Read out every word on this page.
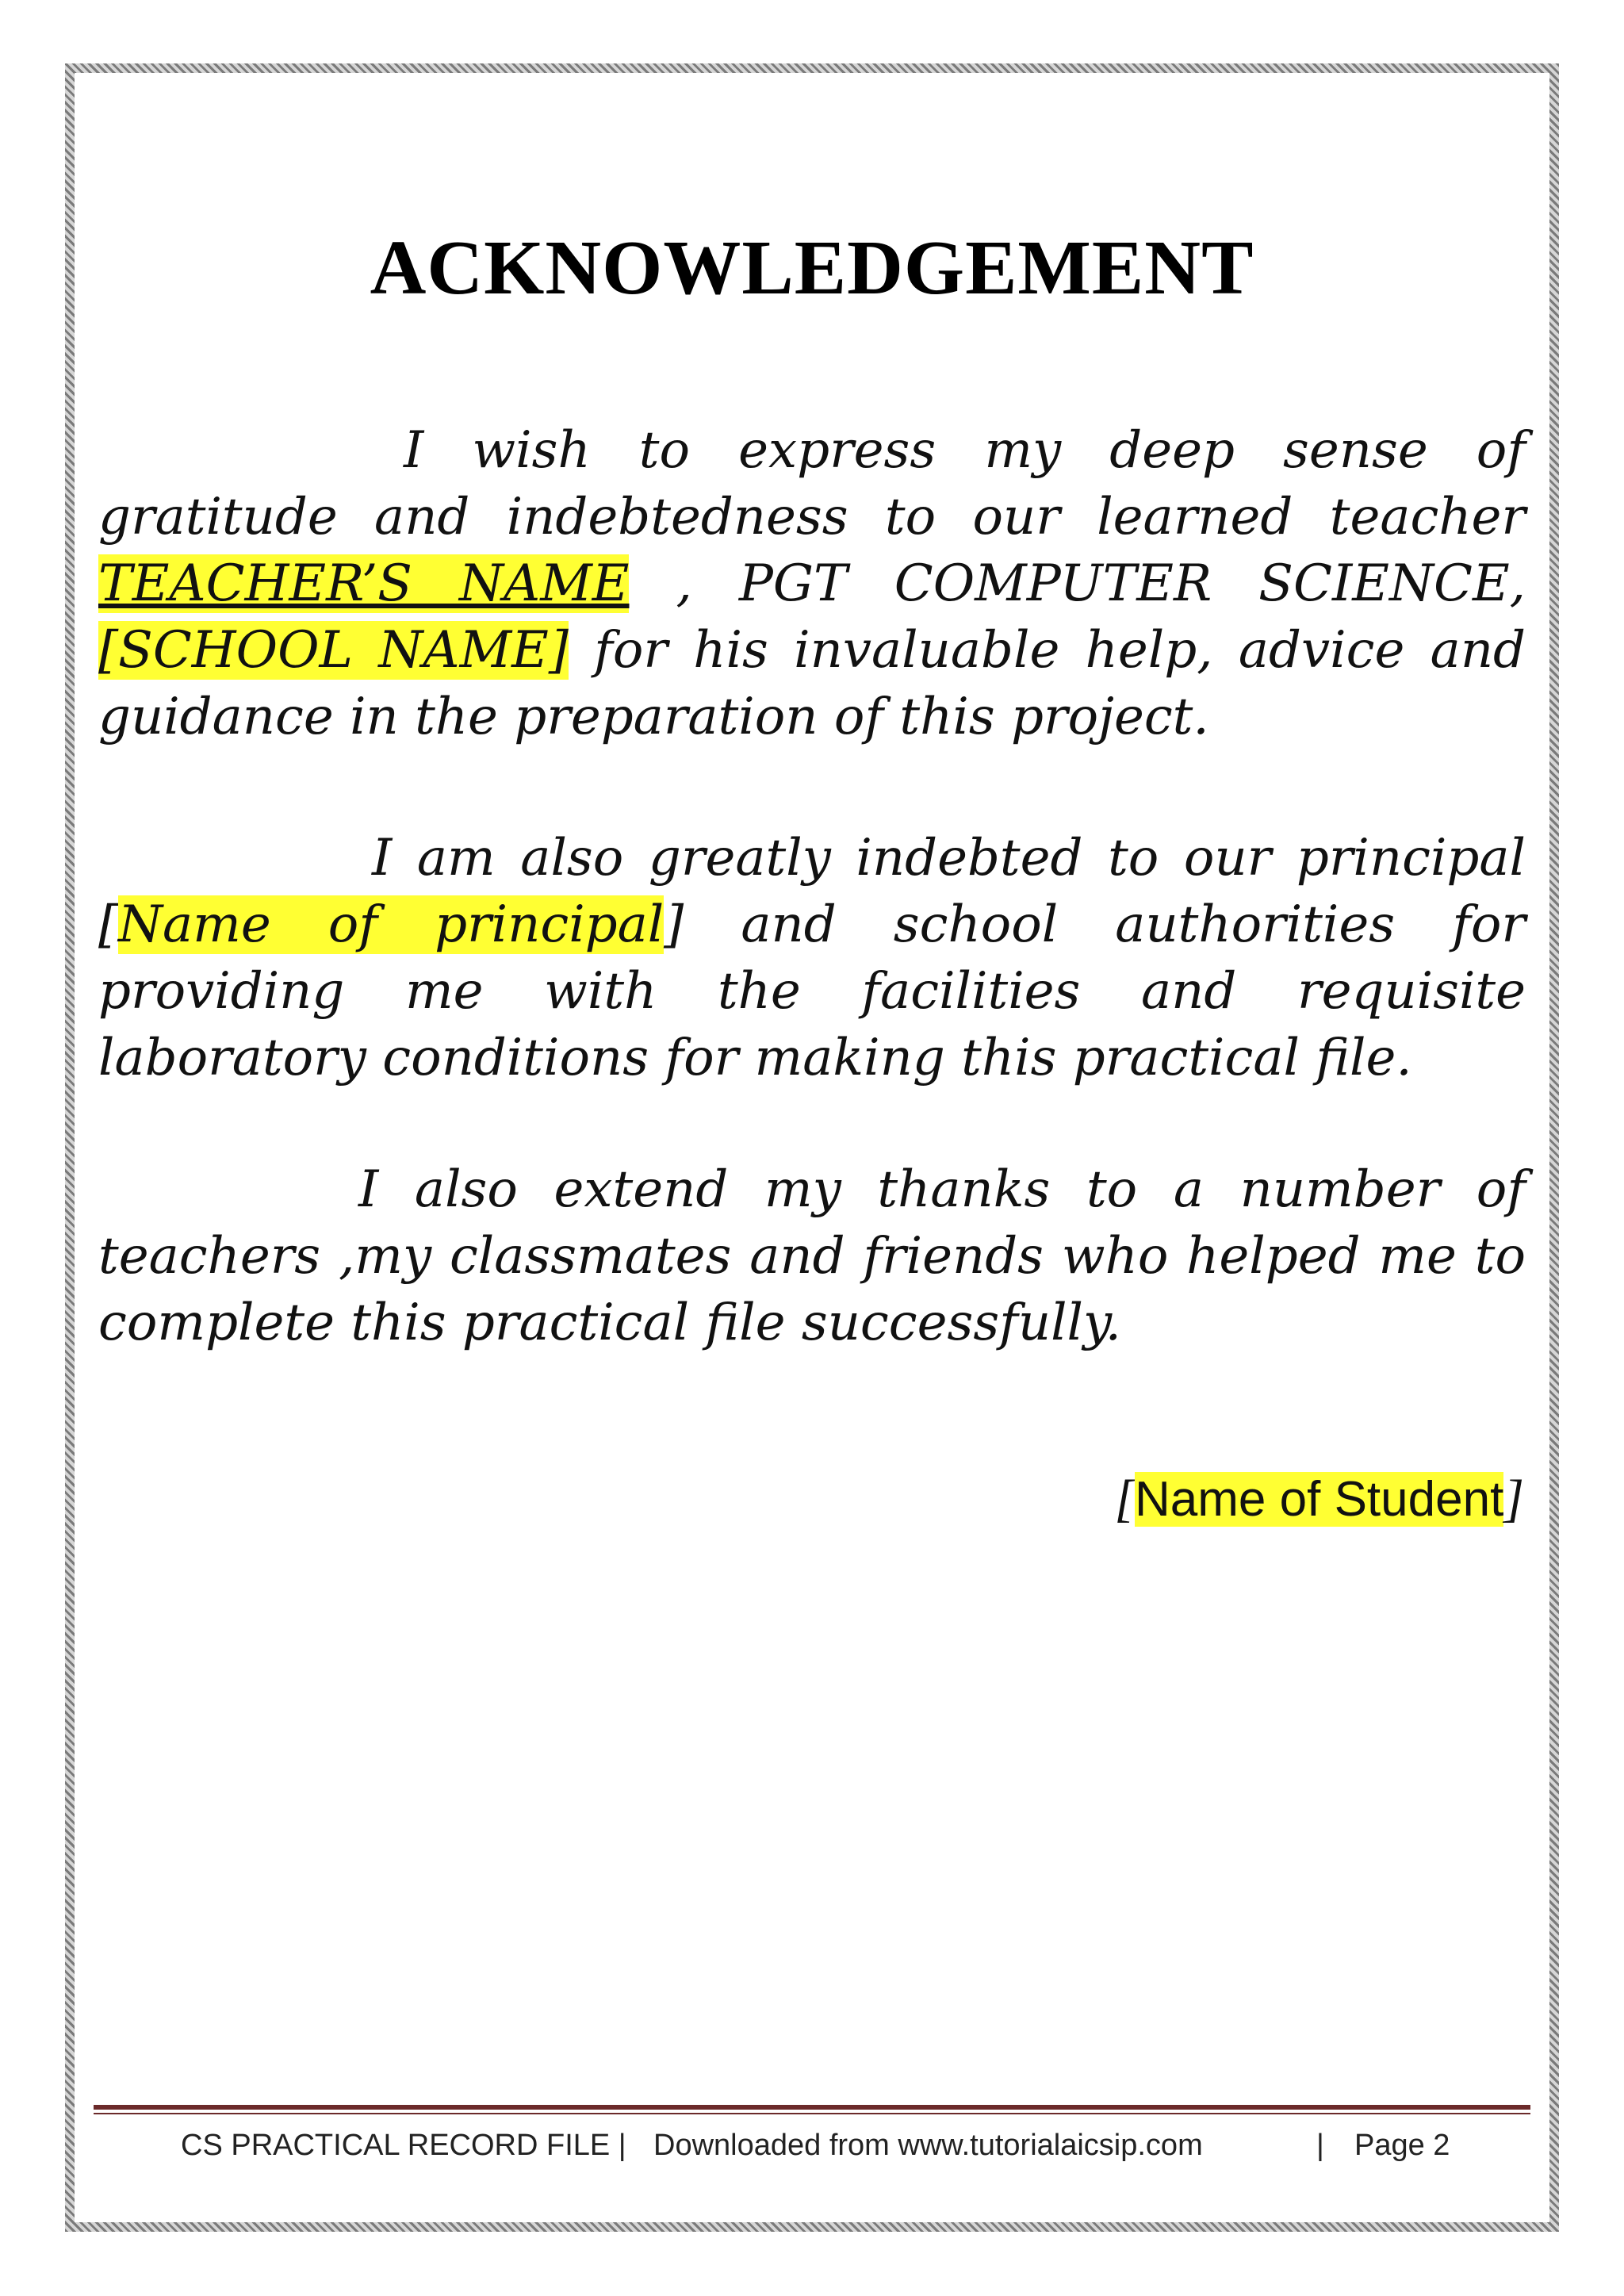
ACKNOWLEDGEMENT

I wish to express my deep sense of gratitude and indebtedness to our learned teacher TEACHER’S NAME , PGT COMPUTER SCIENCE, [SCHOOL NAME] for his invaluable help, advice and guidance in the preparation of this project.

I am also greatly indebted to our principal [Name of principal] and school authorities for providing me with the facilities and requisite laboratory conditions for making this practical file.

I also extend my thanks to a number of teachers ,my classmates and friends who helped me to complete this practical file successfully.

[Name of Student]

CS PRACTICAL RECORD FILE | Downloaded from www.tutorialaicsip.com	| Page 2
